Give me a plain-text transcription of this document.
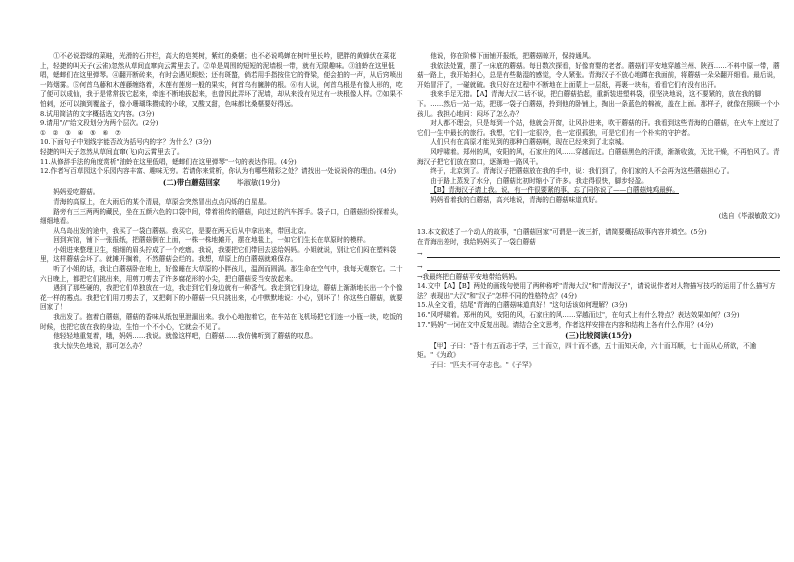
①不必说碧绿的菜畦，光滑的石井栏，高大的皂荚树，紫红的桑椹；也不必说鸣蝉在树叶里长吟，肥胖的黄蜂伏在菜花上，轻捷的叫天子(云雀)忽然从草间直窜向云霄里去了。②单是周围的短短的泥墙根一带，就有无限趣味。③油蛉在这里低唱，蟋蟀们在这里弹琴。④翻开断砖来，有时会遇见蜈蚣；还有斑蝥，倘若用手指按住它的脊梁，便会拍的一声，从后窍喷出一阵烟雾。⑤何首乌藤和木莲藤缠络着，木莲有莲房一般的果实，何首乌有臃肿的根。⑥有人说，何首乌根是有像人形的，吃了便可以成仙，我于是常常拔它起来，牵连不断地拔起来，也曾因此弄坏了泥墙，却从来没有见过有一块根像人样。⑦如果不怕刺，还可以摘到覆盆子，像小珊瑚珠攒成的小球，又酸又甜，色味都比桑椹要好得远。

8.试用简洁的文字概括选文内容。(3分)

9.请用"//"给文段划分为两个层次。(2分)

①　②　③　④　⑤　⑥　⑦

10.下面句子中划线字能否改为括号内的字？为什么？(3分)

轻捷的叫天子忽然从草间直窜(飞)向云霄里去了。

11.从修辞手法的角度赏析"油蛉在这里低唱，蟋蟀们在这里弹琴"一句的表达作用。(4分)

12.作者写百草园这个乐园内容丰富、趣味无穷。若请你来赏析，你认为有哪些精彩之处？请找出一处说说你的理由。(4分)

(二)带白蘑菇回家 毕淑敏(19分)

妈妈爱吃蘑菇。

青海的高原上，在大雨后的某个清晨，草原会突然冒出点点闪烁的白星星。

路旁有三三两两的藏民，坐在五颜六色的口袋中间，带着祖传的蘑菇，向过过的汽车挥手。袋子口，白蘑菇纷纷探着头，细细地看。

从乌岛出发的途中，我买了一袋白蘑菇。我买它，是要在两天后从中拿出来，带回北京。

回到宾馆，铺下一张报纸，把蘑菇倒在上面，一株一株地摊开，摆在地毯上，一如它们生长在草原时的模样。

小姐进来整理卫生，细细的眉头拧成了一个疙瘩。我说，我要把它们带回去送给妈妈。小姐就说，别让它们闷在塑料袋里，这样蘑菇会坏了。就摊开搁着，不然蘑菇会烂的。我想，草原上的白蘑菇就难保存。

听了小姐的话，我让白蘑菇卧在地上，好像睡在大草原的小胖孩儿，温润而圆满。那生命在空气中，我每天观察它。二十六日晚上，都把它们挑出来，用剪刀剪去了许多腐花形的小尖，把白蘑菇妥当安放起来。

遇到了那些硬的，我把它们单独放在一边，我走到它们身边就有一种香气。我走到它们身边，蘑菇上渐渐地长出一个个像花一样的霉点。我把它们用刀剪去了，又把剩下的小蘑菇一只只挑出来，心中默默地说：小心，别坏了！你这些白蘑菇，就要回家了！

我出发了。抱着白蘑菇，蘑菇的香味从纸包里泄漏出来。我小心地抱着它，在车站在飞机场把它们连一小瓶一块，吃饭的时候，也把它放在我的身边，生怕一个不小心，它就会不见了。

他轻轻地重复着，哦，妈妈……我说。就像这样吧，白蘑菇……我仿佛听到了蘑菇的叹息。

我大惊失色地说，那可怎么办？

他说，你在阶梯下面铺开报纸，把蘑菇晾开，保持通风。

我依法处置，摆了一床底的蘑菇。每日数次探看，好像育婴的老者。蘑菇们平安地穿越兰州、陕西……不料中原一带，蘑菇一路上，我开始担心，总是有些黏湿的感觉，令人紧张。青海汉子不放心地蹲在我面前，将蘑菇一朵朵翻开细看。最后说，开始冒汗了，一碰就破。我只好在过程中不断地在上面蒙上一层纸，再裹一块布，看看它们有没有出汗。

我来手足无措。【A】青海大汉二话不说，把白蘑菇拾起，重新装进塑料袋，很坚决地说，这不要紧的，放在我的脚下。……然后一站一站，把那一袋子白蘑菇，拎到他的卧铺上，掏出一条蓝色的棉被，盖在上面。那样子，就像在照顾一个小孩儿。我担心地问：闷坏了怎么办？

对人都不理会，只是每到一个站，他就会开窗，让风扑进来，吹干蘑菇的汗。我看到这些青海的白蘑菇，在火车上度过了它们一生中最长的旅行。我想，它们一定很冷，也一定很孤独，可是它们有一个朴实的守护者。

人们只有在高原才能见到的那种白蘑菇啊，现在已经来到了北京城。

风呼啸着。郑州的风，安阳的风，石家庄的风……穿越而过。白蘑菇黑色的汗渍，渐渐收敛，无比干燥，不再怕风了。青海汉子把它们放在窗口，逐渐地一路风干。

终于，北京到了。青海汉子把蘑菇放在我的手中，说：我们到了，你们家的人不会再为这些蘑菇担心了。

由于路上蒸发了水分，白蘑菇比初时缩小了许多。我走得很快，脚步轻盈。

【B】青海汉子请上我。说，有一件很要紧的事，忘了同你说了——白蘑菇炖鸡最鲜。

妈妈看着我的白蘑菇，高兴地说，青海的白蘑菇味道真好。

(选自《毕淑敏散文》)

13.本文叙述了一个动人的故事，"白蘑菇回家"可谓是一波三折，请简要概括故事内容并填空。(5分)

在青海出差时，我给妈妈买了一袋白蘑菇

→
→

→我最终把白蘑菇平安地带给妈妈。

14.文中【A】【B】两处的画线句使用了两种称呼"青海大汉"和"青海汉子"，请说说作者对人物描写技巧的运用了什么描写方法？表现出"大汉"和"汉子"怎样不同的性格特点？(4分)

15.从全文看，结尾"青海的白蘑菇味道真好！"这句话该如何理解？(3分)

16."风呼啸着。郑州的风，安阳的风，石家庄的风……穿越而过"，在句式上有什么特点？表达效果如何？(3分)

17."妈妈"一词在文中反复出现。请结合全文思考，作者这样安排在内容和结构上各有什么作用？(4分)

(三)比较阅读(15分)

【甲】子曰："吾十有五而志于学，三十而立，四十而不惑，五十而知天命，六十而耳顺，七十而从心所欲，不逾矩。"《为政》

子曰："匹夫不可夺志也。"《子罕》
